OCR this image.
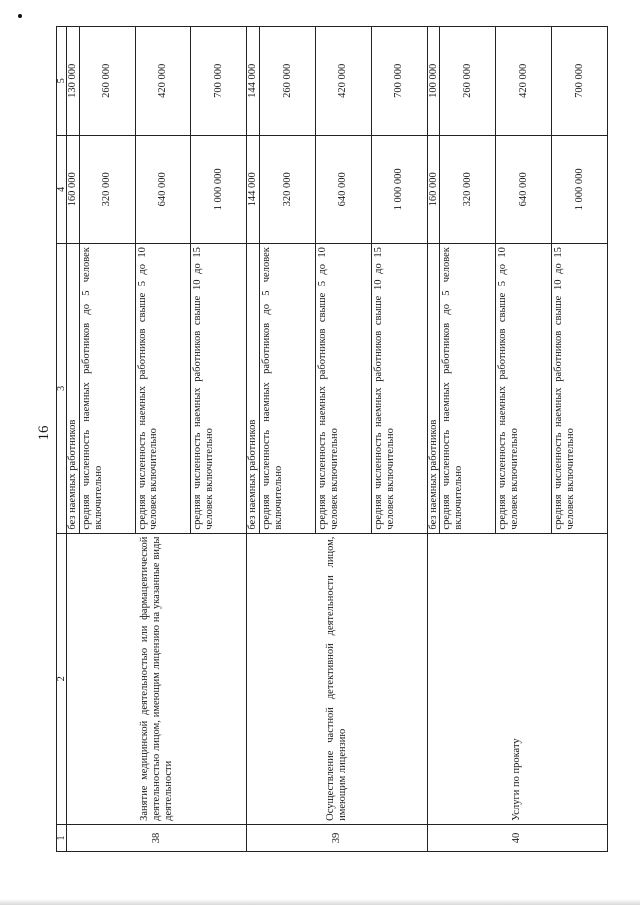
16
1	2	3	4	5
38	Занятие медицинской деятельностью или фармацевтической деятельностью лицом, имеющим лицензию на указанные виды деятельности	без наемных работников	160 000	130 000
		средняя численность наемных работников до 5 человек включительно	320 000	260 000
		средняя численность наемных работников свыше 5 до 10 человек включительно	640 000	420 000
		средняя численность наемных работников свыше 10 до 15 человек включительно	1 000 000	700 000
39	Осуществление частной детективной деятельности лицом, имеющим лицензию	без наемных работников	144 000	144 000
		средняя численность наемных работников до 5 человек включительно	320 000	260 000
		средняя численность наемных работников свыше 5 до 10 человек включительно	640 000	420 000
		средняя численность наемных работников свыше 10 до 15 человек включительно	1 000 000	700 000
40	Услуги по прокату	без наемных работников	160 000	100 000
		средняя численность наемных работников до 5 человек включительно	320 000	260 000
		средняя численность наемных работников свыше 5 до 10 человек включительно	640 000	420 000
		средняя численность наемных работников свыше 10 до 15 человек включительно	1 000 000	700 000
